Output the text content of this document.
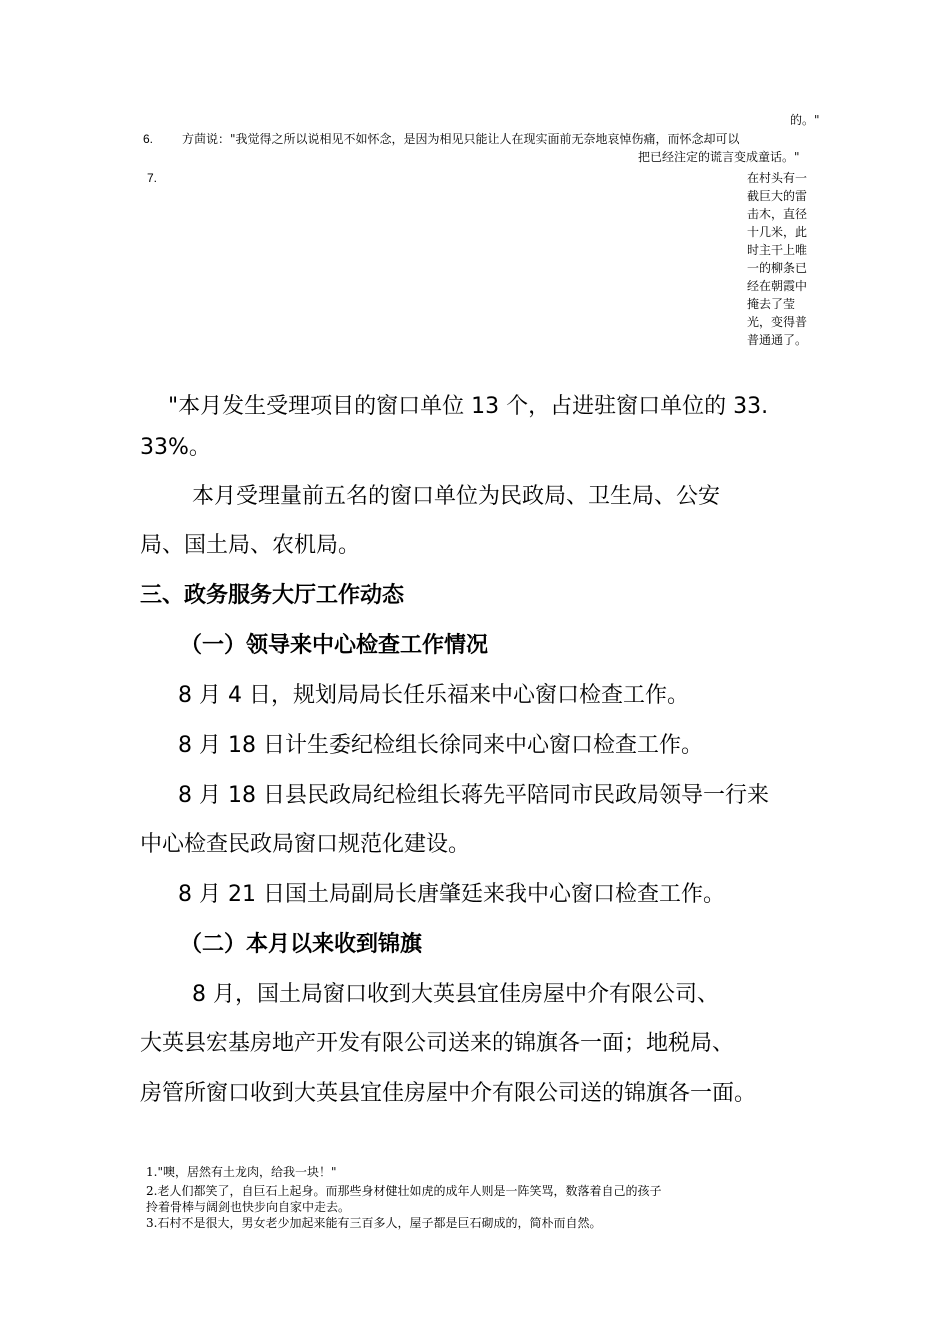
的。"
6. 方茴说："我觉得之所以说相见不如怀念，是因为相见只能让人在现实面前无奈地哀悼伤痛，而怀念却可以
把已经注定的谎言变成童话。"
7.	在村头有一截巨大的雷击木，直径十几米，此时主干上唯一的柳条已经在朝霞中掩去了莹光，变得普普通通了。
"本月发生受理项目的窗口单位 13 个，占进驻窗口单位的 33.
33%。
本月受理量前五名的窗口单位为民政局、卫生局、公安
局、国土局、农机局。
三、政务服务大厅工作动态
（一）领导来中心检查工作情况
8 月 4 日，规划局局长任乐福来中心窗口检查工作。
8 月 18 日计生委纪检组长徐同来中心窗口检查工作。
8 月 18 日县民政局纪检组长蒋先平陪同市民政局领导一行来
中心检查民政局窗口规范化建设。
8 月 21 日国土局副局长唐肇廷来我中心窗口检查工作。
（二）本月以来收到锦旗
8 月，国土局窗口收到大英县宜佳房屋中介有限公司、
大英县宏基房地产开发有限公司送来的锦旗各一面；地税局、
房管所窗口收到大英县宜佳房屋中介有限公司送的锦旗各一面。
1."噢，居然有土龙肉，给我一块！"
2.老人们都笑了，自巨石上起身。而那些身材健壮如虎的成年人则是一阵笑骂，数落着自己的孩子
拎着骨棒与阔剑也快步向自家中走去。
3.石村不是很大，男女老少加起来能有三百多人，屋子都是巨石砌成的，简朴而自然。
